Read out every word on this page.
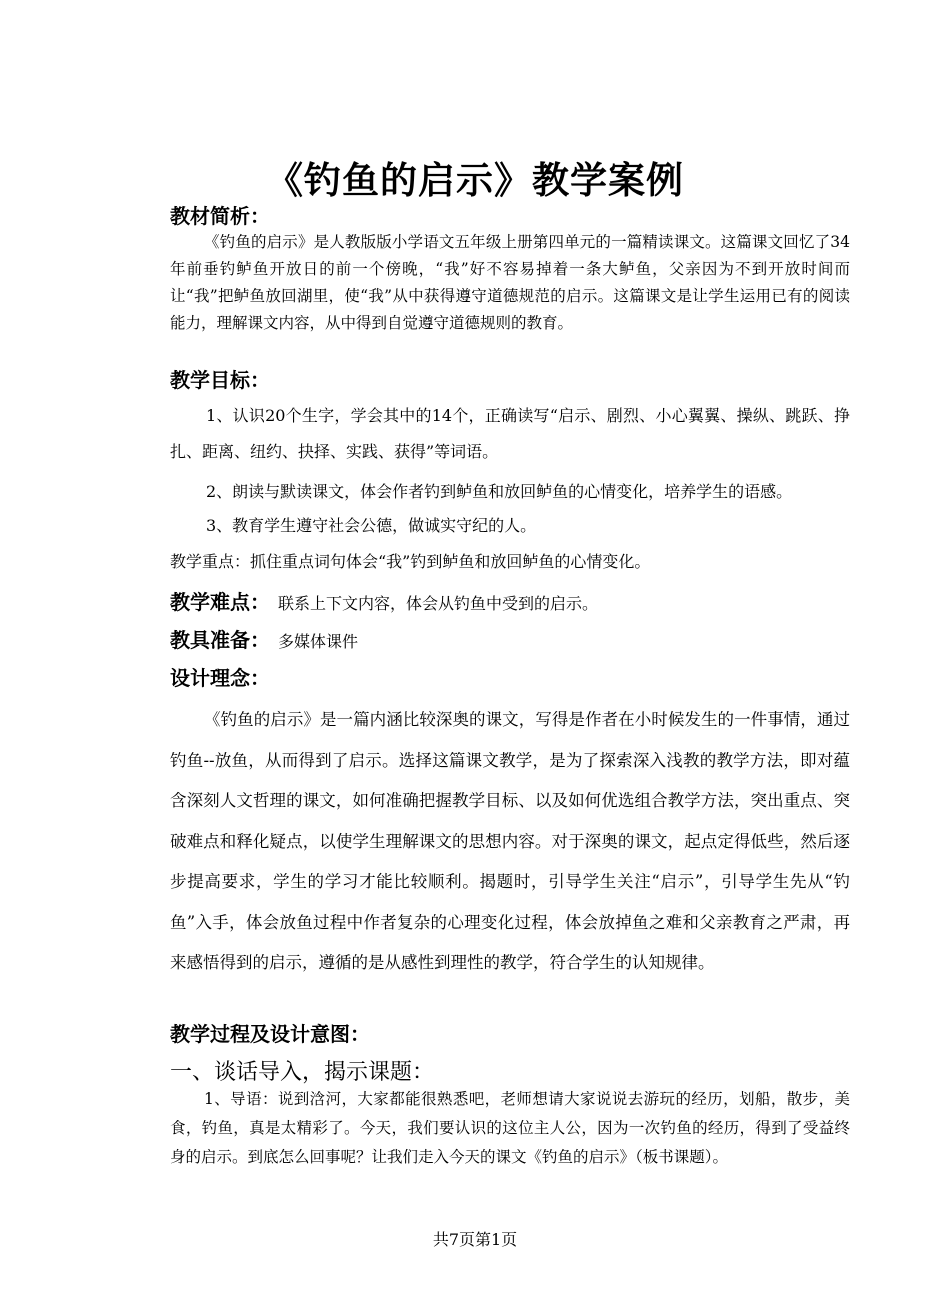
《钓鱼的启示》教学案例
教材简析：
《钓鱼的启示》是人教版版小学语文五年级上册第四单元的一篇精读课文。这篇课文回忆了34年前垂钓鲈鱼开放日的前一个傍晚，“我”好不容易掉着一条大鲈鱼，父亲因为不到开放时间而让“我”把鲈鱼放回湖里，使“我”从中获得遵守道德规范的启示。这篇课文是让学生运用已有的阅读能力，理解课文内容，从中得到自觉遵守道德规则的教育。
教学目标：
1、认识20个生字，学会其中的14个，正确读写“启示、剧烈、小心翼翼、操纵、跳跃、挣扎、距离、纽约、抉择、实践、获得”等词语。
2、朗读与默读课文，体会作者钓到鲈鱼和放回鲈鱼的心情变化，培养学生的语感。
3、教育学生遵守社会公德，做诚实守纪的人。
教学重点：抓住重点词句体会“我”钓到鲈鱼和放回鲈鱼的心情变化。
教学难点： 联系上下文内容，体会从钓鱼中受到的启示。
教具准备： 多媒体课件
设计理念：
《钓鱼的启示》是一篇内涵比较深奥的课文，写得是作者在小时候发生的一件事情，通过钓鱼--放鱼，从而得到了启示。选择这篇课文教学，是为了探索深入浅教的教学方法，即对蕴含深刻人文哲理的课文，如何准确把握教学目标、以及如何优选组合教学方法，突出重点、突破难点和释化疑点，以使学生理解课文的思想内容。对于深奥的课文，起点定得低些，然后逐步提高要求，学生的学习才能比较顺利。揭题时，引导学生关注“启示”，引导学生先从“钓鱼”入手，体会放鱼过程中作者复杂的心理变化过程，体会放掉鱼之难和父亲教育之严肃，再来感悟得到的启示，遵循的是从感性到理性的教学，符合学生的认知规律。
教学过程及设计意图：
一、谈话导入，揭示课题：
1、导语：说到浛河，大家都能很熟悉吧，老师想请大家说说去游玩的经历，划船，散步，美食，钓鱼，真是太精彩了。今天，我们要认识的这位主人公，因为一次钓鱼的经历，得到了受益终身的启示。到底怎么回事呢？让我们走入今天的课文《钓鱼的启示》（板书课题）。
共7页第1页
